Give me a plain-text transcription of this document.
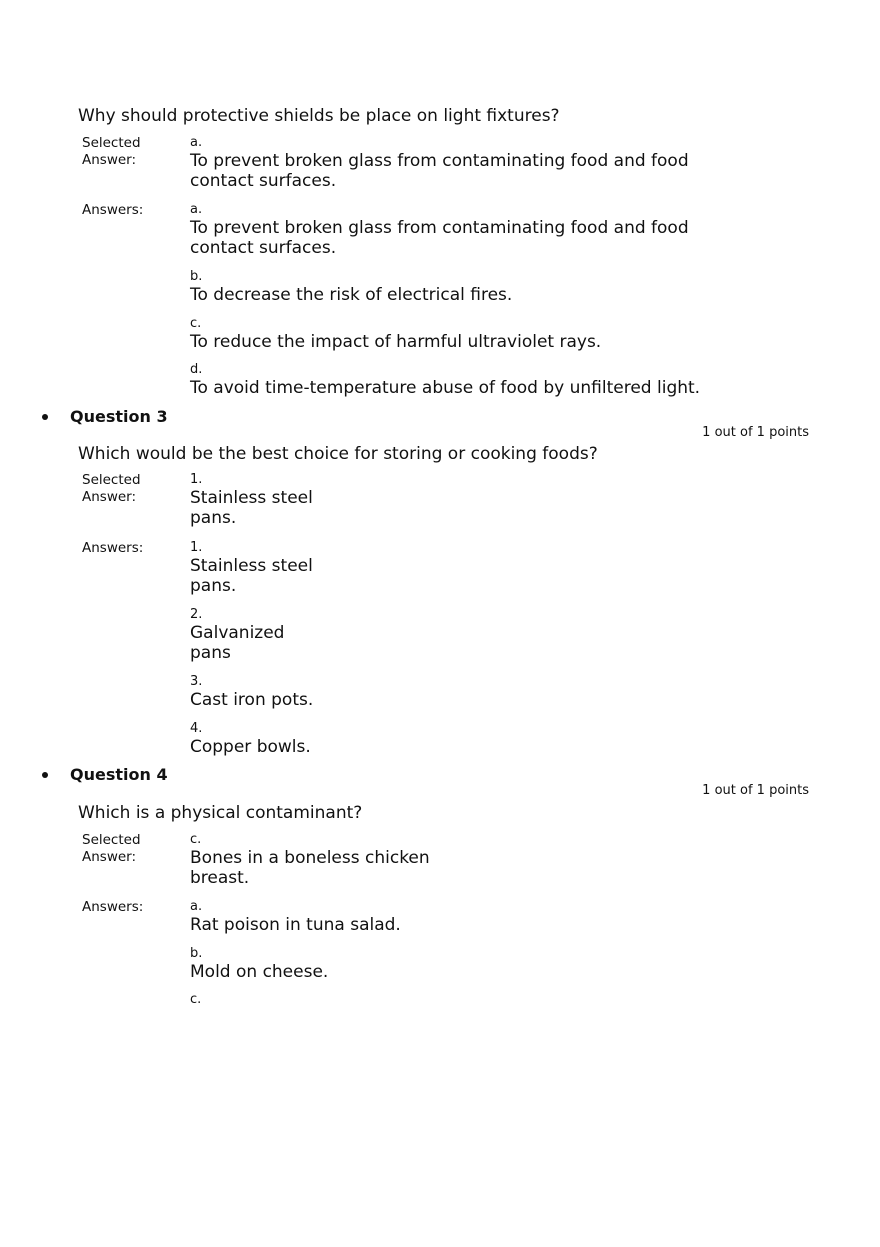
Why should protective shields be place on light fixtures?
Selected Answer:
a.
To prevent broken glass from contaminating food and food contact surfaces.
Answers:	a.
To prevent broken glass from contaminating food and food contact surfaces.
b.
To decrease the risk of electrical fires.
c.
To reduce the impact of harmful ultraviolet rays.
d.
To avoid time-temperature abuse of food by unfiltered light.
Question 3
1 out of 1 points
Which would be the best choice for storing or cooking foods?
Selected Answer:
1.
Stainless steel pans.
Answers:	1.
Stainless steel pans.
2.
Galvanized pans
3.
Cast iron pots.
4.
Copper bowls.
Question 4
1 out of 1 points
Which is a physical contaminant?
Selected Answer:
c.
Bones in a boneless chicken breast.
Answers:	a.
Rat poison in tuna salad.
b.
Mold on cheese.
c.
